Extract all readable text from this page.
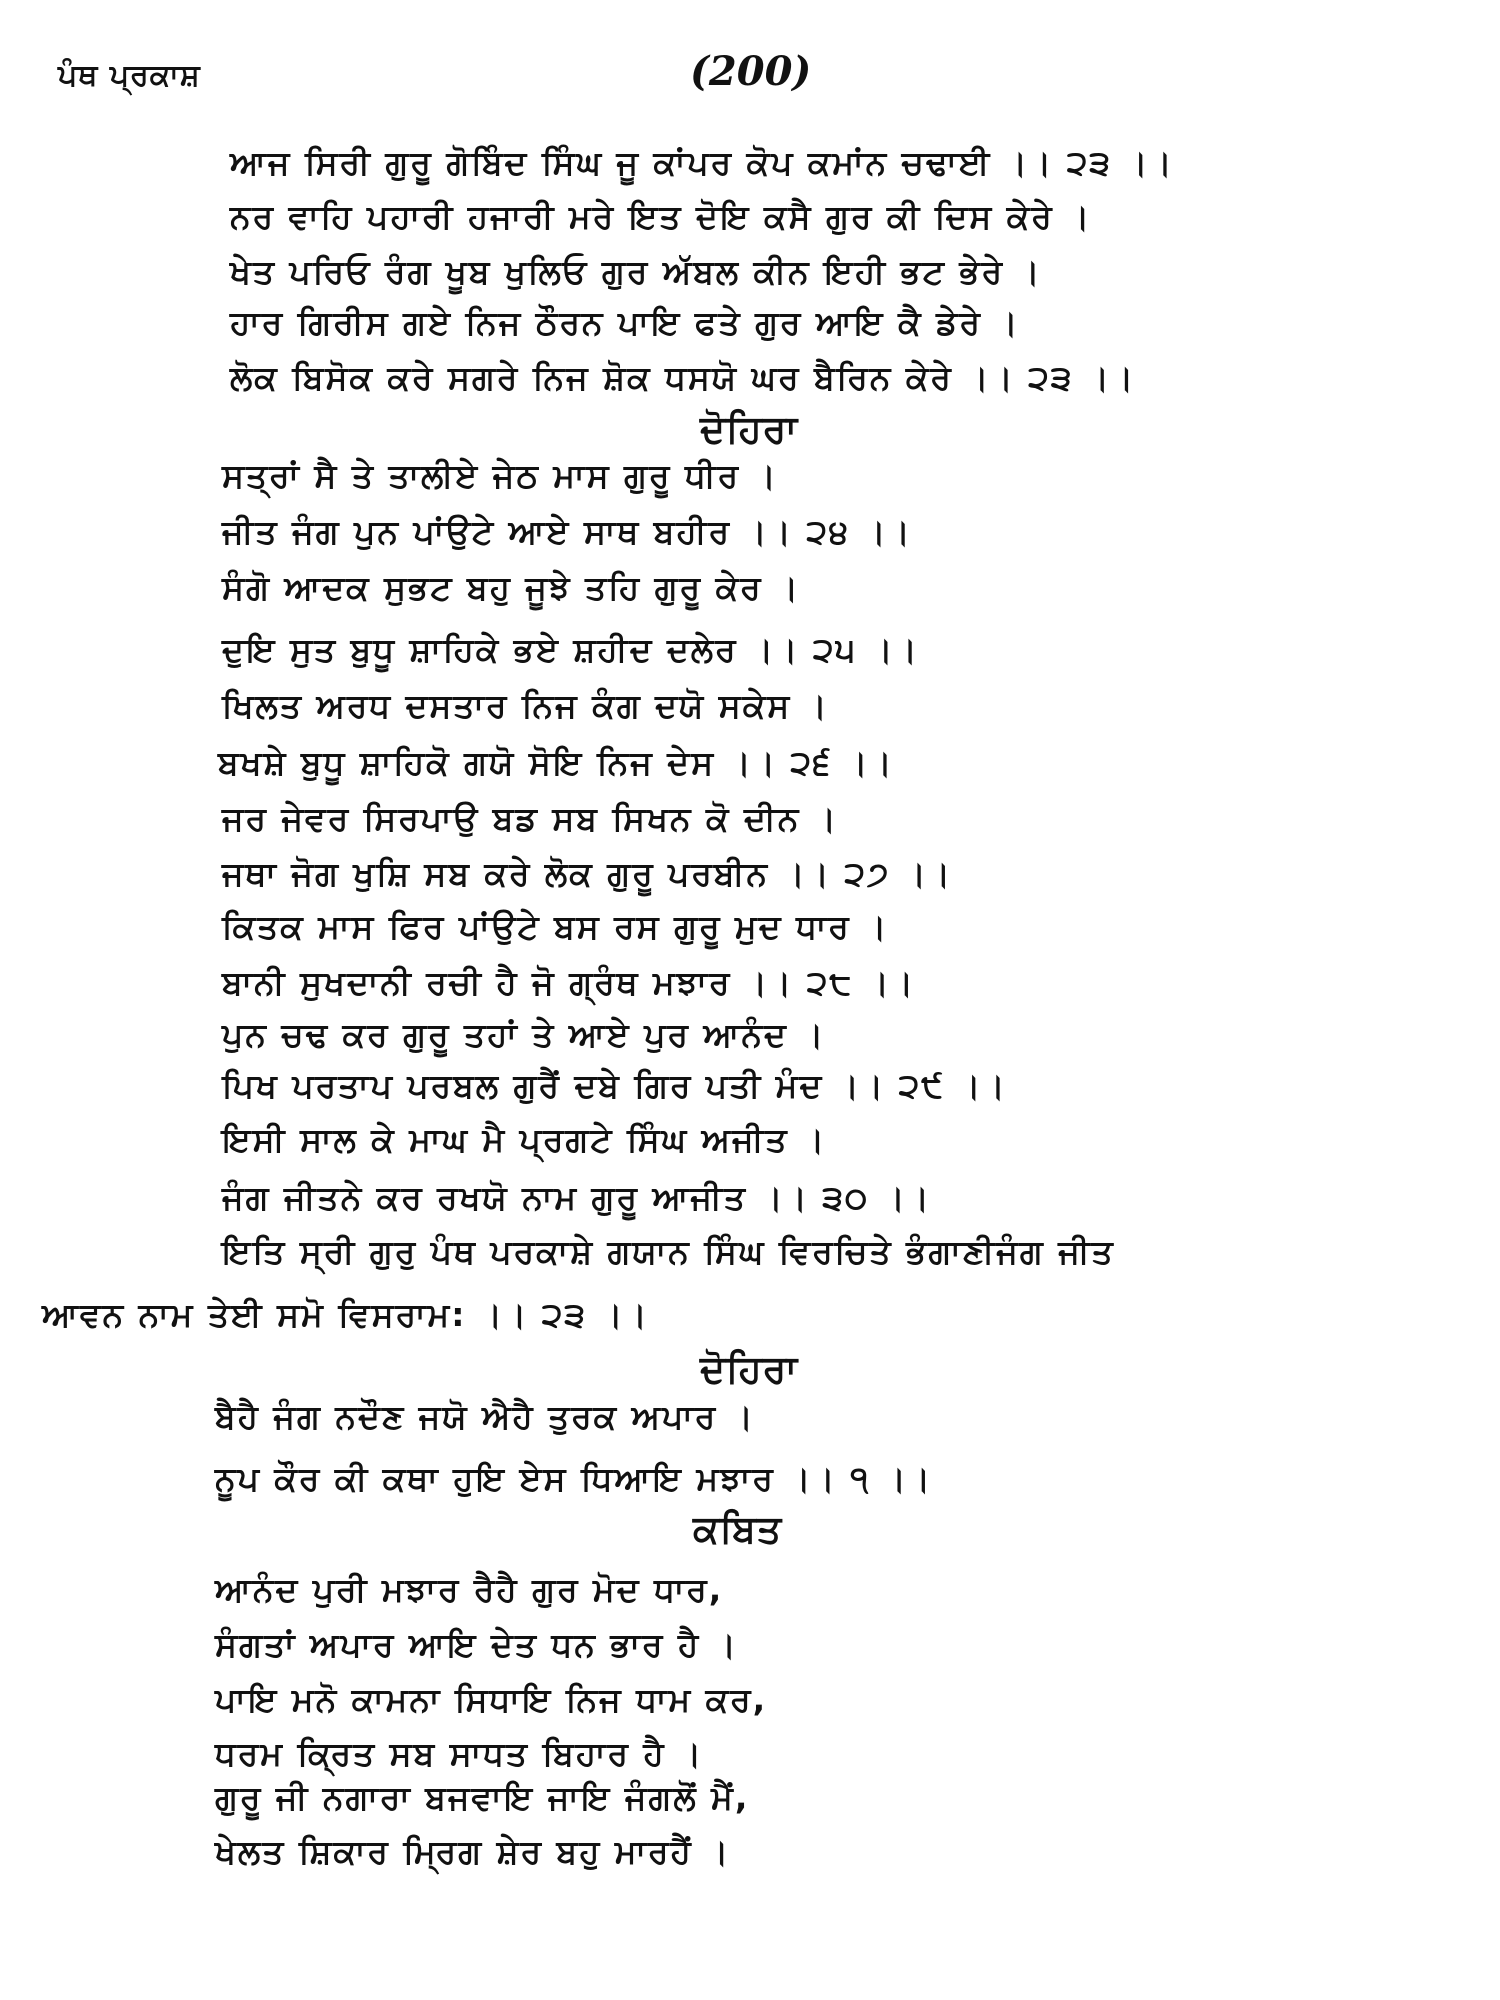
ਪੰਥ ਪ੍ਰਕਾਸ਼	(200)
ਆਜ ਸਿਰੀ ਗੁਰੂ ਗੋਬਿੰਦ ਸਿੰਘ ਜੂ ਕਾਂਪਰ ਕੋਪ ਕਮਾਂਨ ਚਢਾਈ ।। ੨੩ ।।
ਨਰ ਵਾਹਿ ਪਹਾਰੀ ਹਜਾਰੀ ਮਰੇ ਇਤ ਦੋਇ ਕਸੈ ਗੁਰ ਕੀ ਦਿਸ ਕੇਰੇ ।
ਖੇਤ ਪਰਿਓ ਰੰਗ ਖੂਬ ਖੁਲਿਓ ਗੁਰ ਅੱਬਲ ਕੀਨ ਇਹੀ ਭਟ ਭੇਰੇ ।
ਹਾਰ ਗਿਰੀਸ ਗਏ ਨਿਜ ਠੌਰਨ ਪਾਇ ਫਤੇ ਗੁਰ ਆਇ ਕੈ ਡੇਰੇ ।
ਲੋਕ ਬਿਸੋਕ ਕਰੇ ਸਗਰੇ ਨਿਜ ਸ਼ੋਕ ਧਸਯੋ ਘਰ ਬੈਰਿਨ ਕੇਰੇ ।। ੨੩ ।।
ਦੋਹਿਰਾ
ਸਤ੍ਰਾਂ ਸੈ ਤੇ ਤਾਲੀਏ ਜੇਠ ਮਾਸ ਗੁਰੂ ਧੀਰ ।
ਜੀਤ ਜੰਗ ਪੁਨ ਪਾਂਉਟੇ ਆਏ ਸਾਥ ਬਹੀਰ ।। ੨੪ ।।
ਸੰਗੋ ਆਦਕ ਸੁਭਟ ਬਹੁ ਜੂਝੇ ਤਹਿ ਗੁਰੂ ਕੇਰ ।
ਦੁਇ ਸੁਤ ਬੁਧੂ ਸ਼ਾਹਿਕੇ ਭਏ ਸ਼ਹੀਦ ਦਲੇਰ ।। ੨੫ ।।
ਖਿਲਤ ਅਰਧ ਦਸਤਾਰ ਨਿਜ ਕੰਗ ਦਯੋ ਸਕੇਸ ।
ਬਖਸ਼ੇ ਬੁਧੂ ਸ਼ਾਹਿਕੋ ਗਯੋ ਸੋਇ ਨਿਜ ਦੇਸ ।। ੨੬ ।।
ਜਰ ਜੇਵਰ ਸਿਰਪਾਉ ਬਡ ਸਬ ਸਿਖਨ ਕੋ ਦੀਨ ।
ਜਥਾ ਜੋਗ ਖੁਸ਼ਿ ਸਬ ਕਰੇ ਲੋਕ ਗੁਰੂ ਪਰਬੀਨ ।। ੨੭ ।।
ਕਿਤਕ ਮਾਸ ਫਿਰ ਪਾਂਉਟੇ ਬਸ ਰਸ ਗੁਰੂ ਮੁਦ ਧਾਰ ।
ਬਾਨੀ ਸੁਖਦਾਨੀ ਰਚੀ ਹੈ ਜੋ ਗ੍ਰੰਥ ਮਝਾਰ ।। ੨੮ ।।
ਪੁਨ ਚਢ ਕਰ ਗੁਰੂ ਤਹਾਂ ਤੇ ਆਏ ਪੁਰ ਆਨੰਦ ।
ਪਿਖ ਪਰਤਾਪ ਪਰਬਲ ਗੁਰੈਂ ਦਬੇ ਗਿਰ ਪਤੀ ਮੰਦ ।। ੨੯ ।।
ਇਸੀ ਸਾਲ ਕੇ ਮਾਘ ਮੈ ਪ੍ਰਗਟੇ ਸਿੰਘ ਅਜੀਤ ।
ਜੰਗ ਜੀਤਨੇ ਕਰ ਰਖਯੋ ਨਾਮ ਗੁਰੂ ਆਜੀਤ ।। ੩੦ ।।
ਇਤਿ ਸ੍ਰੀ ਗੁਰੁ ਪੰਥ ਪਰਕਾਸ਼ੇ ਗਯਾਨ ਸਿੰਘ ਵਿਰਚਿਤੇ ਭੰਗਾਣੀਜੰਗ ਜੀਤ
ਆਵਨ ਨਾਮ ਤੇਈ ਸਮੋ ਵਿਸਰਾਮ: ।। ੨੩ ।।
ਦੋਹਿਰਾ
ਬੈਹੈ ਜੰਗ ਨਦੌਣ ਜਯੋ ਐਹੈ ਤੁਰਕ ਅਪਾਰ ।
ਨੂਪ ਕੌਰ ਕੀ ਕਥਾ ਹੁਇ ਏਸ ਧਿਆਇ ਮਝਾਰ ।। ੧ ।।
ਕਬਿਤ
ਆਨੰਦ ਪੁਰੀ ਮਝਾਰ ਰੈਹੈ ਗੁਰ ਮੋਦ ਧਾਰ,
ਸੰਗਤਾਂ ਅਪਾਰ ਆਇ ਦੇਤ ਧਨ ਭਾਰ ਹੈ ।
ਪਾਇ ਮਨੋ ਕਾਮਨਾ ਸਿਧਾਇ ਨਿਜ ਧਾਮ ਕਰ,
ਧਰਮ ਕ੍ਰਿਤ ਸਬ ਸਾਧਤ ਬਿਹਾਰ ਹੈ ।
ਗੁਰੂ ਜੀ ਨਗਾਰਾ ਬਜਵਾਇ ਜਾਇ ਜੰਗਲੋਂ ਮੈਂ,
ਖੇਲਤ ਸ਼ਿਕਾਰ ਮ੍ਰਿਗ ਸ਼ੇਰ ਬਹੁ ਮਾਰਹੈਂ ।
